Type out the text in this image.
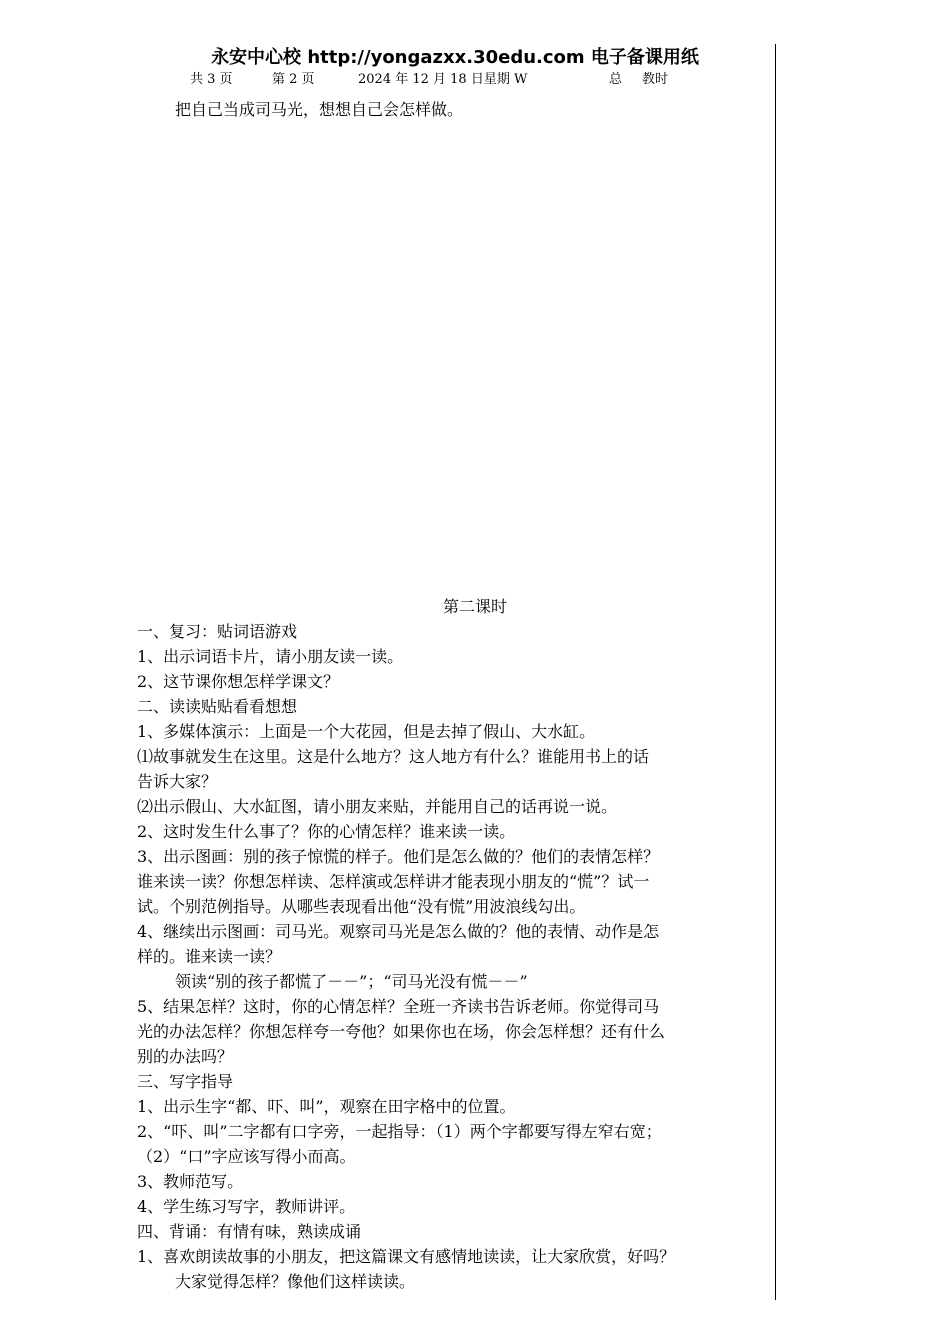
永安中心校 http://yongazxx.30edu.com 电子备课用纸
共 3 页	第 2 页	2024 年 12 月 18 日星期 W	总 教时
把自己当成司马光，想想自己会怎样做。
第二课时
一、复习：贴词语游戏
1、出示词语卡片，请小朋友读一读。
2、这节课你想怎样学课文？
二、读读贴贴看看想想
1、多媒体演示：上面是一个大花园，但是去掉了假山、大水缸。
⑴故事就发生在这里。这是什么地方？这人地方有什么？谁能用书上的话
告诉大家？
⑵出示假山、大水缸图，请小朋友来贴，并能用自己的话再说一说。
2、这时发生什么事了？你的心情怎样？谁来读一读。
3、出示图画：别的孩子惊慌的样子。他们是怎么做的？他们的表情怎样？
谁来读一读？你想怎样读、怎样演或怎样讲才能表现小朋友的“慌”？试一
试。个别范例指导。从哪些表现看出他“没有慌”用波浪线勾出。
4、继续出示图画：司马光。观察司马光是怎么做的？他的表情、动作是怎
样的。谁来读一读？
领读“别的孩子都慌了－－”；“司马光没有慌－－”
5、结果怎样？这时，你的心情怎样？全班一齐读书告诉老师。你觉得司马
光的办法怎样？你想怎样夸一夸他？如果你也在场，你会怎样想？还有什么
别的办法吗？
三、写字指导
1、出示生字“都、吓、叫”，观察在田字格中的位置。
2、“吓、叫”二字都有口字旁，一起指导：（1）两个字都要写得左窄右宽；
（2）“口”字应该写得小而高。
3、教师范写。
4、学生练习写字，教师讲评。
四、背诵：有情有味，熟读成诵
1、喜欢朗读故事的小朋友，把这篇课文有感情地读读，让大家欣赏，好吗？
大家觉得怎样？像他们这样读读。
